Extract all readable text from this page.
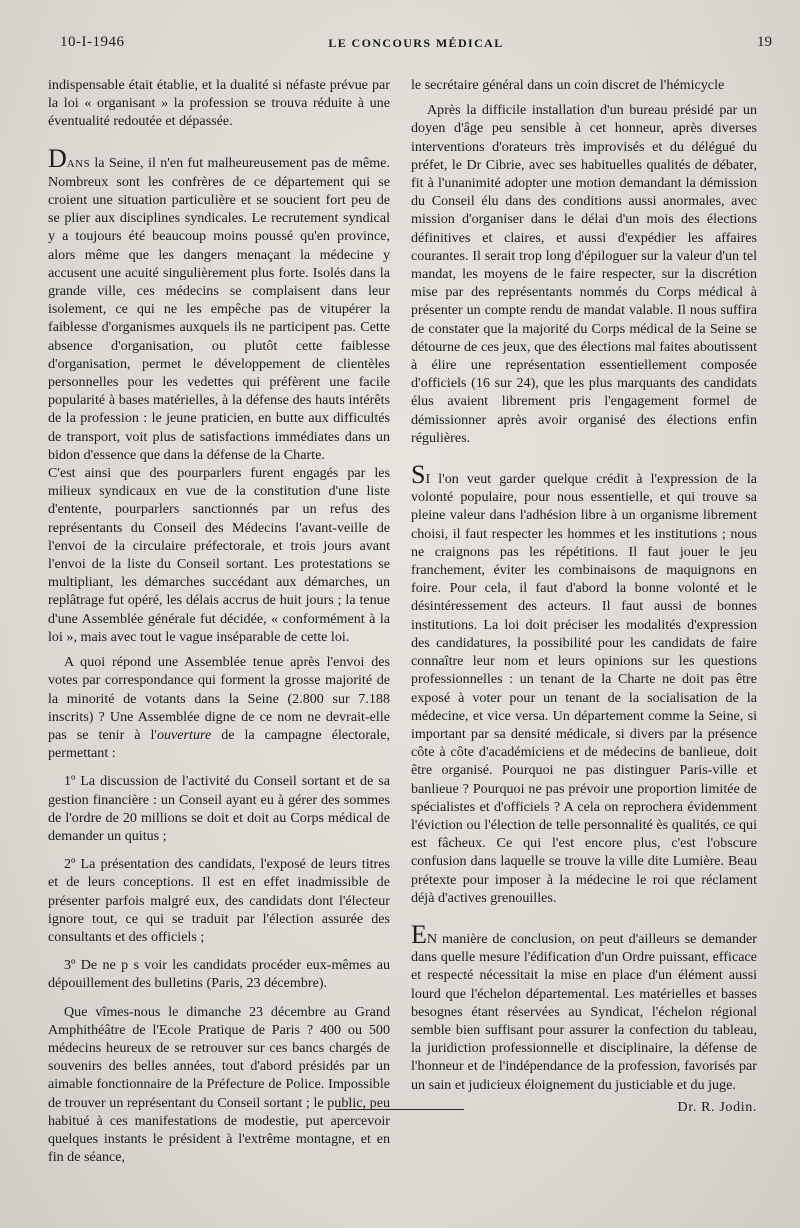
10-I-1946	LE CONCOURS MÉDICAL	19

indispensable était établie, et la dualité si néfaste prévue par la loi « organisant » la profession se trouva réduite à une éventualité redoutée et dépassée.

DANS la Seine, il n'en fut malheureusement pas de même. Nombreux sont les confrères de ce département qui se croient une situation particulière et se soucient fort peu de se plier aux disciplines syndicales. Le recrutement syndical y a toujours été beaucoup moins poussé qu'en province, alors même que les dangers menaçant la médecine y accusent une acuité singulièrement plus forte. Isolés dans la grande ville, ces médecins se complaisent dans leur isolement, ce qui ne les empêche pas de vitupérer la faiblesse d'organismes auxquels ils ne participent pas. Cette absence d'organisation, ou plutôt cette faiblesse d'organisation, permet le développement de clientèles personnelles pour les vedettes qui préfèrent une facile popularité à bases matérielles, à la défense des hauts intérêts de la profession : le jeune praticien, en butte aux difficultés de transport, voit plus de satisfactions immédiates dans un bidon d'essence que dans la défense de la Charte.

C'est ainsi que des pourparlers furent engagés par les milieux syndicaux en vue de la constitution d'une liste d'entente, pourparlers sanctionnés par un refus des représentants du Conseil des Médecins l'avant-veille de l'envoi de la circulaire préfectorale, et trois jours avant l'envoi de la liste du Conseil sortant. Les protestations se multipliant, les démarches succédant aux démarches, un replâtrage fut opéré, les délais accrus de huit jours ; la tenue d'une Assemblée générale fut décidée, « conformément à la loi », mais avec tout le vague inséparable de cette loi.

A quoi répond une Assemblée tenue après l'envoi des votes par correspondance qui forment la grosse majorité de la minorité de votants dans la Seine (2.800 sur 7.188 inscrits) ? Une Assemblée digne de ce nom ne devrait-elle pas se tenir à l'ouverture de la campagne électorale, permettant :

1º La discussion de l'activité du Conseil sortant et de sa gestion financière : un Conseil ayant eu à gérer des sommes de l'ordre de 20 millions se doit et doit au Corps médical de demander un quitus ;

2º La présentation des candidats, l'exposé de leurs titres et de leurs conceptions. Il est en effet inadmissible de présenter parfois malgré eux, des candidats dont l'électeur ignore tout, ce qui se traduit par l'élection assurée des consultants et des officiels ;

3º De ne p s voir les candidats procéder eux-mêmes au dépouillement des bulletins (Paris, 23 décembre).

Que vîmes-nous le dimanche 23 décembre au Grand Amphithéâtre de l'Ecole Pratique de Paris ? 400 ou 500 médecins heureux de se retrouver sur ces bancs chargés de souvenirs des belles années, tout d'abord présidés par un aimable fonctionnaire de la Préfecture de Police. Impossible de trouver un représentant du Conseil sortant ; le public, peu habitué à ces manifestations de modestie, put apercevoir quelques instants le président à l'extrême montagne, et en fin de séance,

le secrétaire général dans un coin discret de l'hémicycle

Après la difficile installation d'un bureau présidé par un doyen d'âge peu sensible à cet honneur, après diverses interventions d'orateurs très improvisés et du délégué du préfet, le Dr Cibrie, avec ses habituelles qualités de débater, fit à l'unanimité adopter une motion demandant la démission du Conseil élu dans des conditions aussi anormales, avec mission d'organiser dans le délai d'un mois des élections définitives et claires, et aussi d'expédier les affaires courantes. Il serait trop long d'épiloguer sur la valeur d'un tel mandat, les moyens de le faire respecter, sur la discrétion mise par des représentants nommés du Corps médical à présenter un compte rendu de mandat valable. Il nous suffira de constater que la majorité du Corps médical de la Seine se détourne de ces jeux, que des élections mal faites aboutissent à élire une représentation essentiellement composée d'officiels (16 sur 24), que les plus marquants des candidats élus avaient librement pris l'engagement formel de démissionner après avoir organisé des élections enfin régulières.

SI l'on veut garder quelque crédit à l'expression de la volonté populaire, pour nous essentielle, et qui trouve sa pleine valeur dans l'adhésion libre à un organisme librement choisi, il faut respecter les hommes et les institutions ; nous ne craignons pas les répétitions. Il faut jouer le jeu franchement, éviter les combinaisons de maquignons en foire. Pour cela, il faut d'abord la bonne volonté et le désintéressement des acteurs. Il faut aussi de bonnes institutions. La loi doit préciser les modalités d'expression des candidatures, la possibilité pour les candidats de faire connaître leur nom et leurs opinions sur les questions professionnelles : un tenant de la Charte ne doit pas être exposé à voter pour un tenant de la socialisation de la médecine, et vice versa. Un département comme la Seine, si important par sa densité médicale, si divers par la présence côte à côte d'académiciens et de médecins de banlieue, doit être organisé. Pourquoi ne pas distinguer Paris-ville et banlieue ? Pourquoi ne pas prévoir une proportion limitée de spécialistes et d'officiels ? A cela on reprochera évidemment l'éviction ou l'élection de telle personnalité ès qualités, ce qui est fâcheux. Ce qui l'est encore plus, c'est l'obscure confusion dans laquelle se trouve la ville dite Lumière. Beau prétexte pour imposer à la médecine le roi que réclament déjà d'actives grenouilles.

EN manière de conclusion, on peut d'ailleurs se demander dans quelle mesure l'édification d'un Ordre puissant, efficace et respecté nécessitait la mise en place d'un élément aussi lourd que l'échelon départemental. Les matérielles et basses besognes étant réservées au Syndicat, l'échelon régional semble bien suffisant pour assurer la confection du tableau, la juridiction professionnelle et disciplinaire, la défense de l'honneur et de l'indépendance de la profession, favorisés par un sain et judicieux éloignement du justiciable et du juge.

Dr. R. Jodin.
